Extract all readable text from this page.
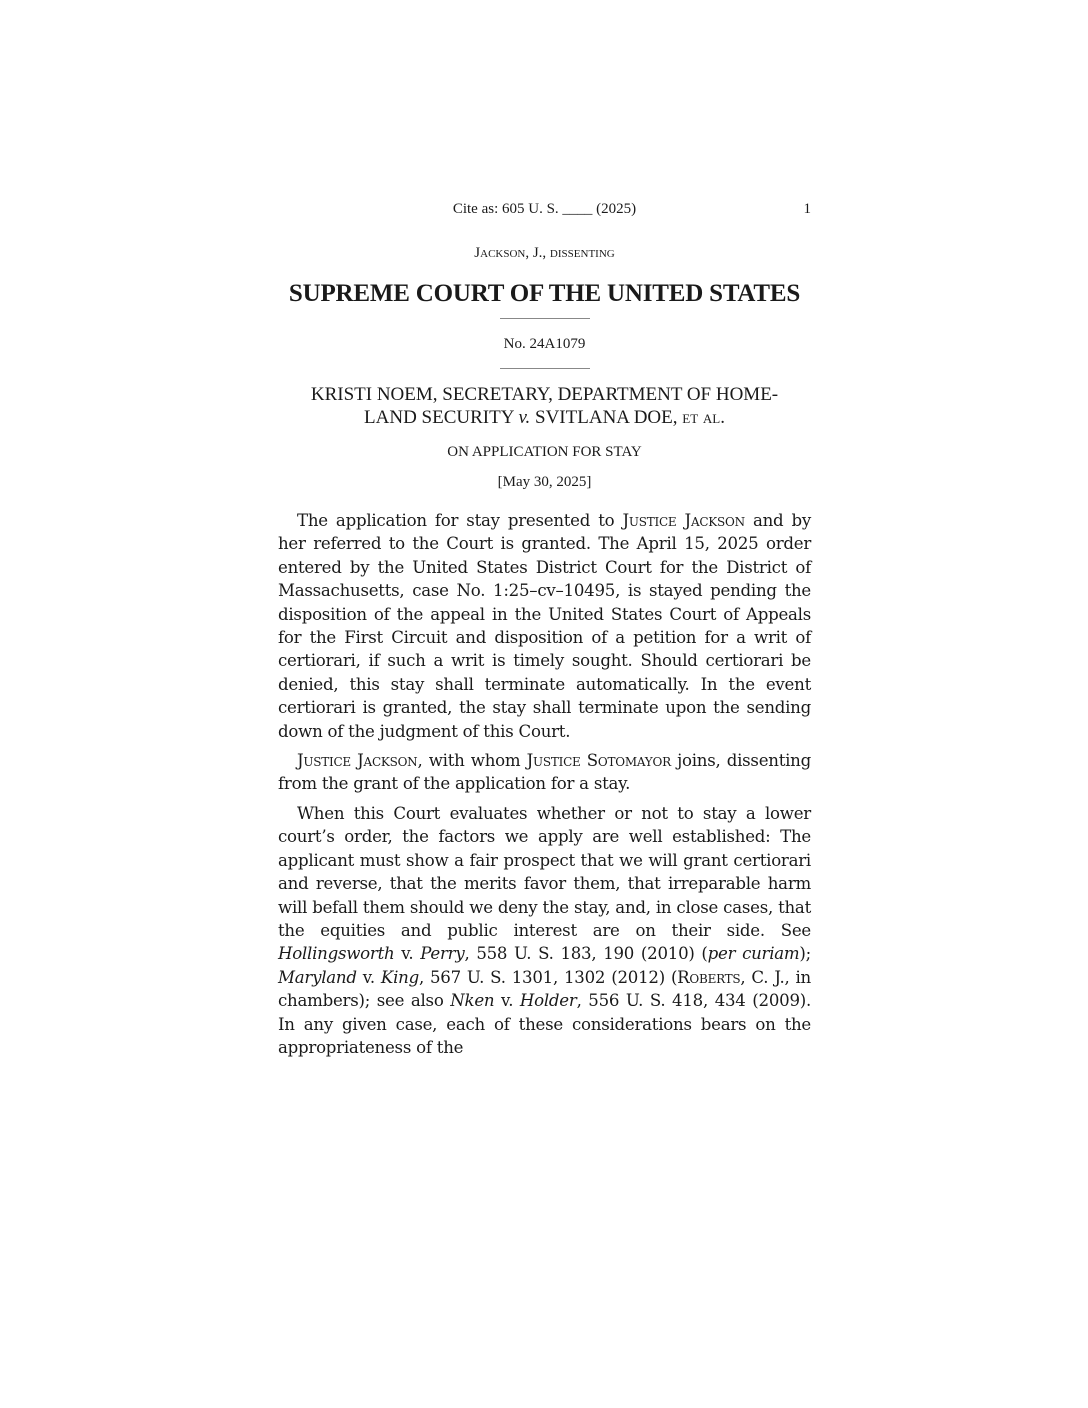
Cite as: 605 U. S. ____ (2025)	1
Jackson, J., dissenting
SUPREME COURT OF THE UNITED STATES
No. 24A1079
KRISTI NOEM, SECRETARY, DEPARTMENT OF HOME-
LAND SECURITY v. SVITLANA DOE, et al.
ON APPLICATION FOR STAY
[May 30, 2025]

The application for stay presented to Justice Jackson and by her referred to the Court is granted. The April 15, 2025 order entered by the United States District Court for the District of Massachusetts, case No. 1:25–cv–10495, is stayed pending the disposition of the appeal in the United States Court of Appeals for the First Circuit and disposition of a petition for a writ of certiorari, if such a writ is timely sought. Should certiorari be denied, this stay shall terminate automatically. In the event certiorari is granted, the stay shall terminate upon the sending down of the judgment of this Court.

Justice Jackson, with whom Justice Sotomayor joins, dissenting from the grant of the application for a stay.

When this Court evaluates whether or not to stay a lower court’s order, the factors we apply are well established: The applicant must show a fair prospect that we will grant certiorari and reverse, that the merits favor them, that irreparable harm will befall them should we deny the stay, and, in close cases, that the equities and public interest are on their side. See Hollingsworth v. Perry, 558 U. S. 183, 190 (2010) (per curiam); Maryland v. King, 567 U. S. 1301, 1302 (2012) (Roberts, C. J., in chambers); see also Nken v. Holder, 556 U. S. 418, 434 (2009). In any given case, each of these considerations bears on the appropriateness of the
